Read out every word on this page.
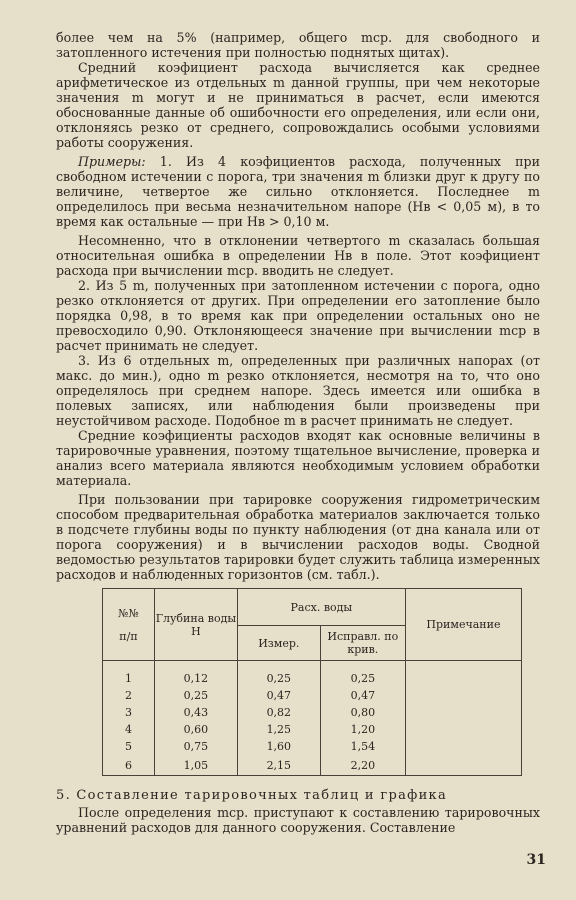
более чем на 5% (например, общего mср. для свободного и затопленного истечения при полностью поднятых щитах).

Средний коэфициент расхода вычисляется как среднее арифметическое из отдельных m данной группы, при чем некоторые значения m могут и не приниматься в расчет, если имеются обоснованные данные об ошибочности его определения, или если они, отклоняясь резко от среднего, сопровождались особыми условиями работы сооружения.

Примеры: 1. Из 4 коэфициентов расхода, полученных при свободном истечении с порога, три значения m близки друг к другу по величине, четвертое же сильно отклоняется. Последнее m определилось при весьма незначительном напоре (Hв < 0,05 м), в то время как остальные — при Hв > 0,10 м.

Несомненно, что в отклонении четвертого m сказалась большая относительная ошибка в определении Hв в поле. Этот коэфициент расхода при вычислении mср. вводить не следует.

2. Из 5 m, полученных при затопленном истечении с порога, одно резко отклоняется от других. При определении его затопление было порядка 0,98, в то время как при определении остальных оно не превосходило 0,90. Отклоняющееся значение при вычислении mср в расчет принимать не следует.

3. Из 6 отдельных m, определенных при различных напорах (от макс. до мин.), одно m резко отклоняется, несмотря на то, что оно определялось при среднем напоре. Здесь имеется или ошибка в полевых записях, или наблюдения были произведены при неустойчивом расходе. Подобное m в расчет принимать не следует.

Средние коэфициенты расходов входят как основные величины в тарировочные уравнения, поэтому тщательное вычисление, проверка и анализ всего материала являются необходимым условием обработки материала.

При пользовании при тарировке сооружения гидрометрическим способом предварительная обработка материалов заключается только в подсчете глубины воды по пункту наблюдения (от дна канала или от порога сооружения) и в вычислении расходов воды. Сводной ведомостью результатов тарировки будет служить таблица измеренных расходов и наблюденных горизонтов (см. табл.).

№№
п/п	Глубина воды H	Расх. воды		Примечание
		Измер.	Исправл. по крив.	

1	0,12	0,25	0,25	
2	0,25	0,47	0,47	
3	0,43	0,82	0,80	
4	0,60	1,25	1,20	
5	0,75	1,60	1,54	
6	1,05	2,15	2,20	
5. Составление тарировочных таблиц и графика

После определения mср. приступают к составлению тарировочных уравнений расходов для данного сооружения. Составление

31
